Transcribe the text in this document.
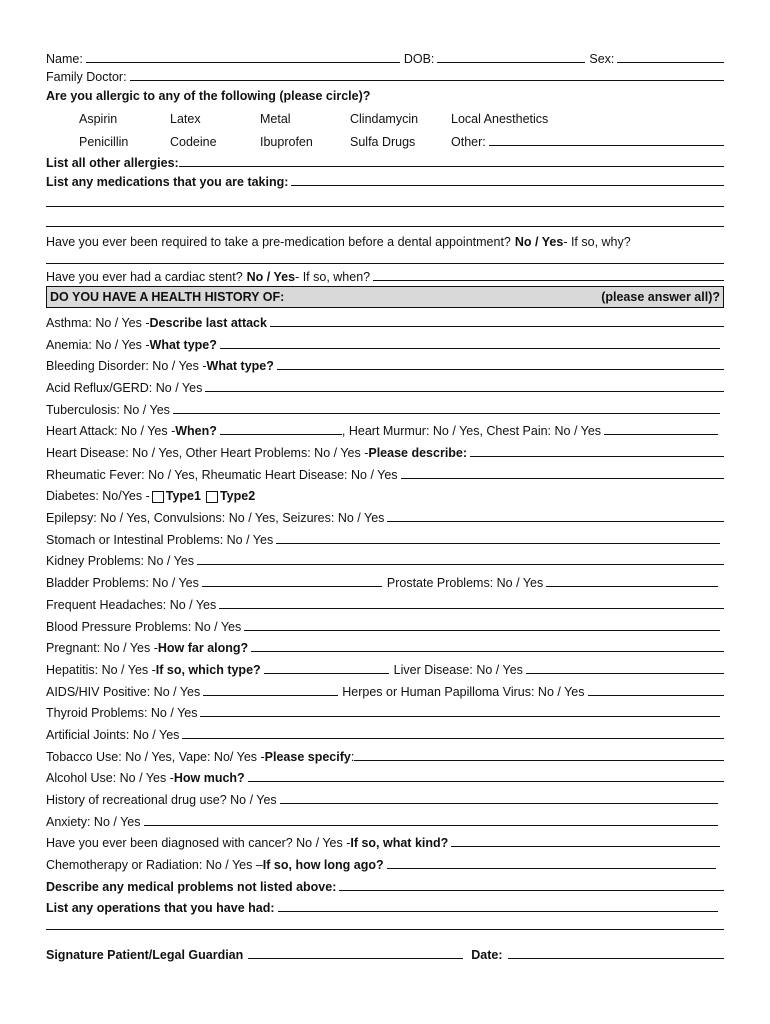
Name:	DOB:	Sex:
Family Doctor:
Are you allergic to any of the following (please circle)?
Aspirin	Latex	Metal	Clindamycin	Local Anesthetics
Penicillin	Codeine	Ibuprofen	Sulfa Drugs	Other:
List all other allergies:
List any medications that you are taking:
Have you ever been required to take a pre-medication before a dental appointment? No / Yes - If so, why?
Have you ever had a cardiac stent? No / Yes - If so, when?
DO YOU HAVE A HEALTH HISTORY OF:	(please answer all)?
Asthma: No / Yes - Describe last attack
Anemia: No / Yes - What type?
Bleeding Disorder: No / Yes - What type?
Acid Reflux/GERD: No / Yes
Tuberculosis: No / Yes
Heart Attack: No / Yes - When?	, Heart Murmur: No / Yes, Chest Pain: No / Yes
Heart Disease: No / Yes, Other Heart Problems: No / Yes - Please describe:
Rheumatic Fever: No / Yes, Rheumatic Heart Disease: No / Yes
Diabetes: No/Yes - Type1 Type2
Epilepsy: No / Yes, Convulsions: No / Yes, Seizures: No / Yes
Stomach or Intestinal Problems: No / Yes
Kidney Problems: No / Yes
Bladder Problems: No / Yes	Prostate Problems: No / Yes
Frequent Headaches: No / Yes
Blood Pressure Problems: No / Yes
Pregnant: No / Yes - How far along?
Hepatitis: No / Yes - If so, which type?	Liver Disease: No / Yes
AIDS/HIV Positive: No / Yes	Herpes or Human Papilloma Virus: No / Yes
Thyroid Problems: No / Yes
Artificial Joints: No / Yes
Tobacco Use: No / Yes, Vape: No/ Yes - Please specify :
Alcohol Use: No / Yes - How much?
History of recreational drug use? No / Yes
Anxiety: No / Yes
Have you ever been diagnosed with cancer? No / Yes - If so, what kind?
Chemotherapy or Radiation: No / Yes – If so, how long ago?
Describe any medical problems not listed above:
List any operations that you have had:
Signature Patient/Legal Guardian	Date:
